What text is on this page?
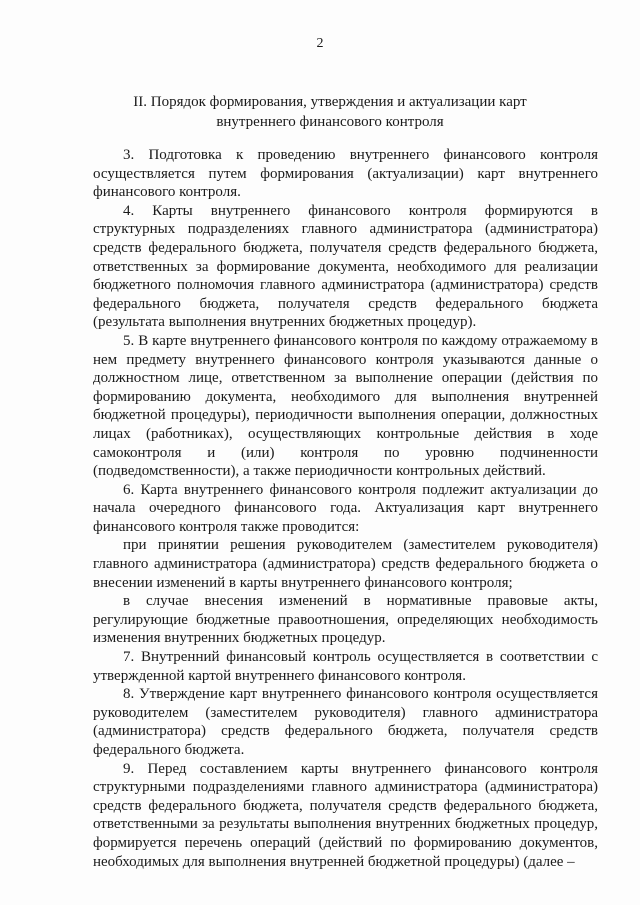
2
II. Порядок формирования, утверждения и актуализации карт
внутреннего финансового контроля

3. Подготовка к проведению внутреннего финансового контроля осуществляется путем формирования (актуализации) карт внутреннего финансового контроля.

4. Карты внутреннего финансового контроля формируются в структурных подразделениях главного администратора (администратора) средств федерального бюджета, получателя средств федерального бюджета, ответственных за формирование документа, необходимого для реализации бюджетного полномочия главного администратора (администратора) средств федерального бюджета, получателя средств федерального бюджета (результата выполнения внутренних бюджетных процедур).

5. В карте внутреннего финансового контроля по каждому отражаемому в нем предмету внутреннего финансового контроля указываются данные о должностном лице, ответственном за выполнение операции (действия по формированию документа, необходимого для выполнения внутренней бюджетной процедуры), периодичности выполнения операции, должностных лицах (работниках), осуществляющих контрольные действия в ходе самоконтроля и (или) контроля по уровню подчиненности (подведомственности), а также периодичности контрольных действий.

6. Карта внутреннего финансового контроля подлежит актуализации до начала очередного финансового года. Актуализация карт внутреннего финансового контроля также проводится:

при принятии решения руководителем (заместителем руководителя) главного администратора (администратора) средств федерального бюджета о внесении изменений в карты внутреннего финансового контроля;

в случае внесения изменений в нормативные правовые акты, регулирующие бюджетные правоотношения, определяющих необходимость изменения внутренних бюджетных процедур.

7. Внутренний финансовый контроль осуществляется в соответствии с утвержденной картой внутреннего финансового контроля.

8. Утверждение карт внутреннего финансового контроля осуществляется руководителем (заместителем руководителя) главного администратора (администратора) средств федерального бюджета, получателя средств федерального бюджета.

9. Перед составлением карты внутреннего финансового контроля структурными подразделениями главного администратора (администратора) средств федерального бюджета, получателя средств федерального бюджета, ответственными за результаты выполнения внутренних бюджетных процедур, формируется перечень операций (действий по формированию документов, необходимых для выполнения внутренней бюджетной процедуры) (далее –
